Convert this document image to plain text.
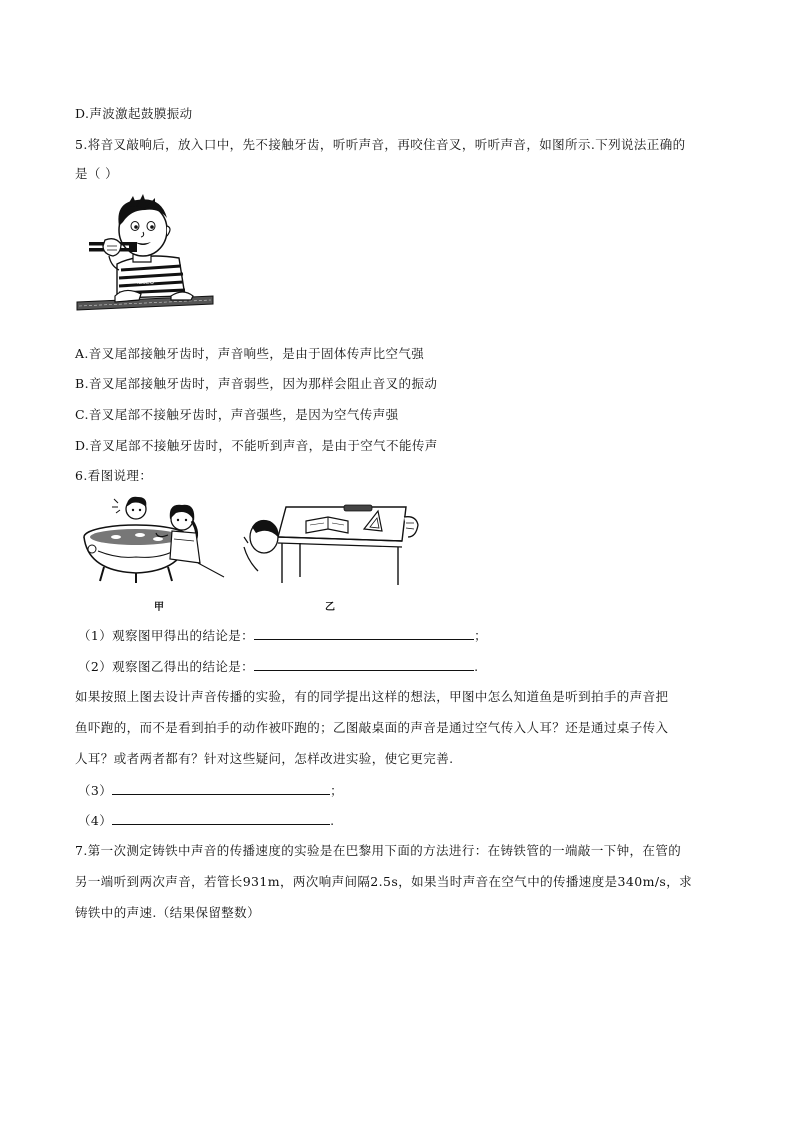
D.声波激起鼓膜振动
5.将音叉敲响后，放入口中，先不接触牙齿，听听声音，再咬住音叉，听听声音，如图所示.下列说法正确的
是（ ）
ILSEU
A.音叉尾部接触牙齿时，声音响些，是由于固体传声比空气强
B.音叉尾部接触牙齿时，声音弱些，因为那样会阻止音叉的振动
C.音叉尾部不接触牙齿时，声音强些，是因为空气传声强
D.音叉尾部不接触牙齿时，不能听到声音，是由于空气不能传声
6.看图说理：
甲	乙
（1）观察图甲得出的结论是：	；
（2）观察图乙得出的结论是：	.
如果按照上图去设计声音传播的实验，有的同学提出这样的想法，甲图中怎么知道鱼是听到拍手的声音把
鱼吓跑的，而不是看到拍手的动作被吓跑的；乙图敲桌面的声音是通过空气传入人耳？还是通过桌子传入
人耳？或者两者都有？针对这些疑问，怎样改进实验，使它更完善.
（3）	；
（4）	.
7.第一次测定铸铁中声音的传播速度的实验是在巴黎用下面的方法进行：在铸铁管的一端敲一下钟，在管的
另一端听到两次声音，若管长931m，两次响声间隔2.5s，如果当时声音在空气中的传播速度是340m/s，求
铸铁中的声速.（结果保留整数）
